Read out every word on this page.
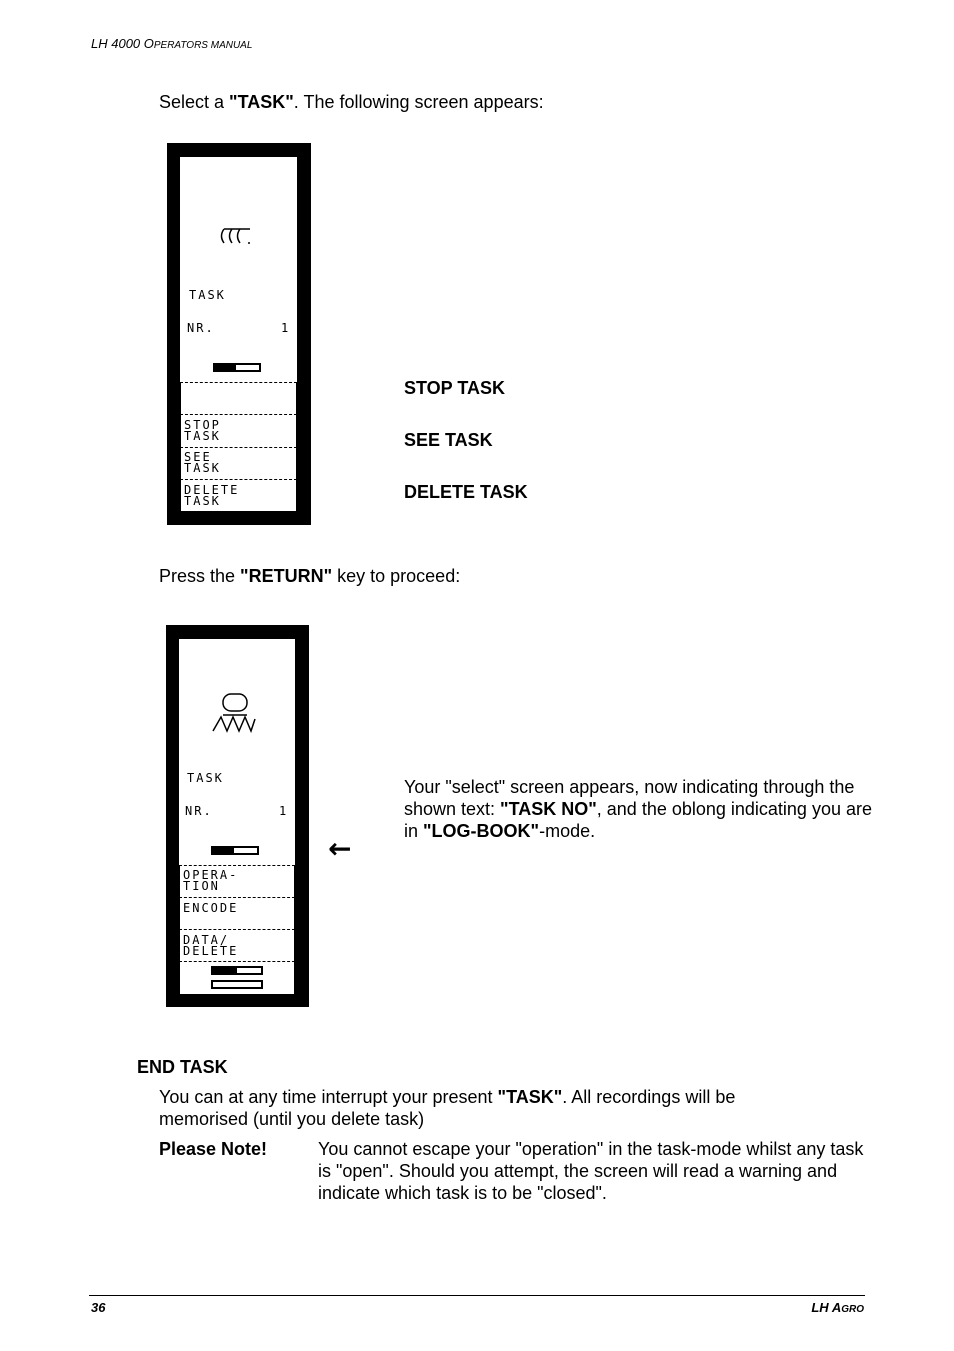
LH 4000 OPERATORS MANUAL
Select a "TASK". The following screen appears:
TASK
NR.	1
STOP
TASK
SEE
TASK
DELETE
TASK
STOP TASK
SEE TASK
DELETE TASK
Press the "RETURN" key to proceed:
TASK
NR.	1
OPERA-
TION
ENCODE
DATA/
DELETE
←
Your "select" screen appears, now indicating through the shown text: "TASK NO", and the oblong indicating you are in "LOG-BOOK"-mode.
END TASK
You can at any time interrupt your present "TASK". All recordings will be memorised (until you delete task)
Please Note!	You cannot escape your "operation" in the task-mode whilst any task is "open". Should you attempt, the screen will read a warning and indicate which task is to be "closed".
36	LH AGRO
